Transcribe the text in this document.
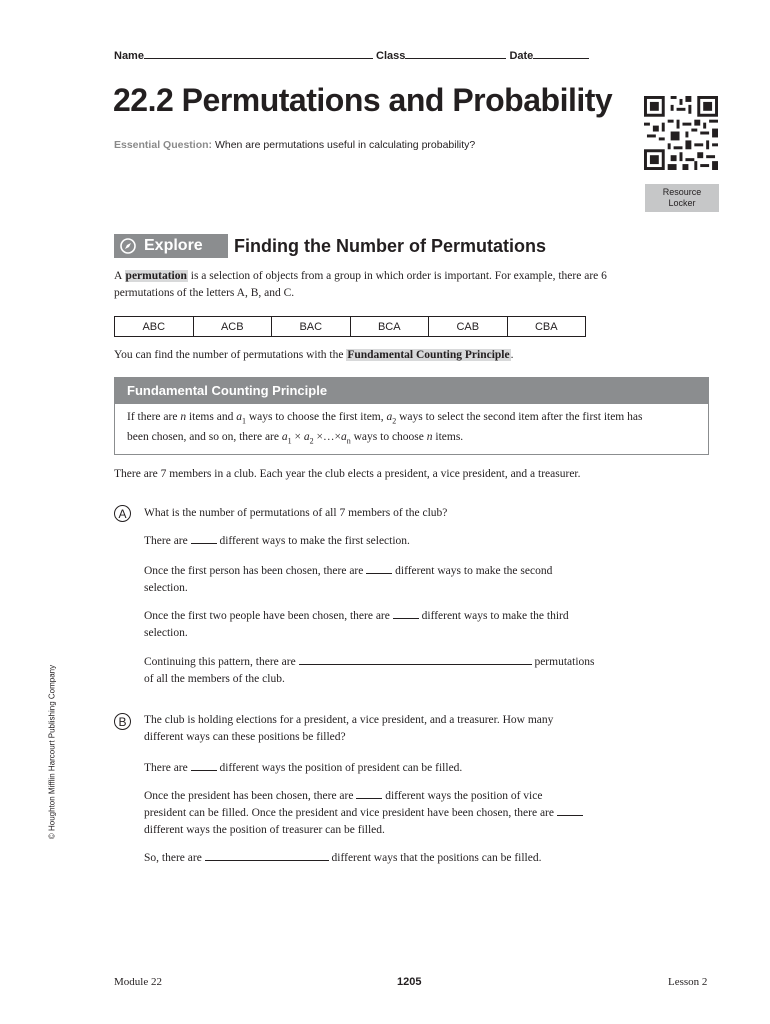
Name	Class	Date
22.2 Permutations and Probability
Essential Question: When are permutations useful in calculating probability?
Resource
Locker
Explore	Finding the Number of Permutations
A permutation is a selection of objects from a group in which order is important. For example, there are 6
permutations of the letters A, B, and C.
ABC	ACB	BAC	BCA	CAB	CBA
You can find the number of permutations with the Fundamental Counting Principle.
Fundamental Counting Principle
If there are n items and $a_1$ ways to choose the first item, $a_2$ ways to select the second item after the first item has
been chosen, and so on, there are $a_1 \times a_2$ $\times\dots\times a_n$ ways to choose n items.
There are 7 members in a club. Each year the club elects a president, a vice president, and a treasurer.
A	What is the number of permutations of all 7 members of the club?
There are	different ways to make the first selection.
Once the first person has been chosen, there are	different ways to make the second
selection.
Once the first two people have been chosen, there are	different ways to make the third
selection.
Continuing this pattern, there are	permutations
of all the members of the club.
B	The club is holding elections for a president, a vice president, and a treasurer. How many
different ways can these positions be filled?
There are	different ways the position of president can be filled.
Once the president has been chosen, there are	different ways the position of vice
president can be filled. Once the president and vice president have been chosen, there are
different ways the position of treasurer can be filled.
So, there are	different ways that the positions can be filled.
© Houghton Mifflin Harcourt Publishing Company
Module 22	1205	Lesson 2
